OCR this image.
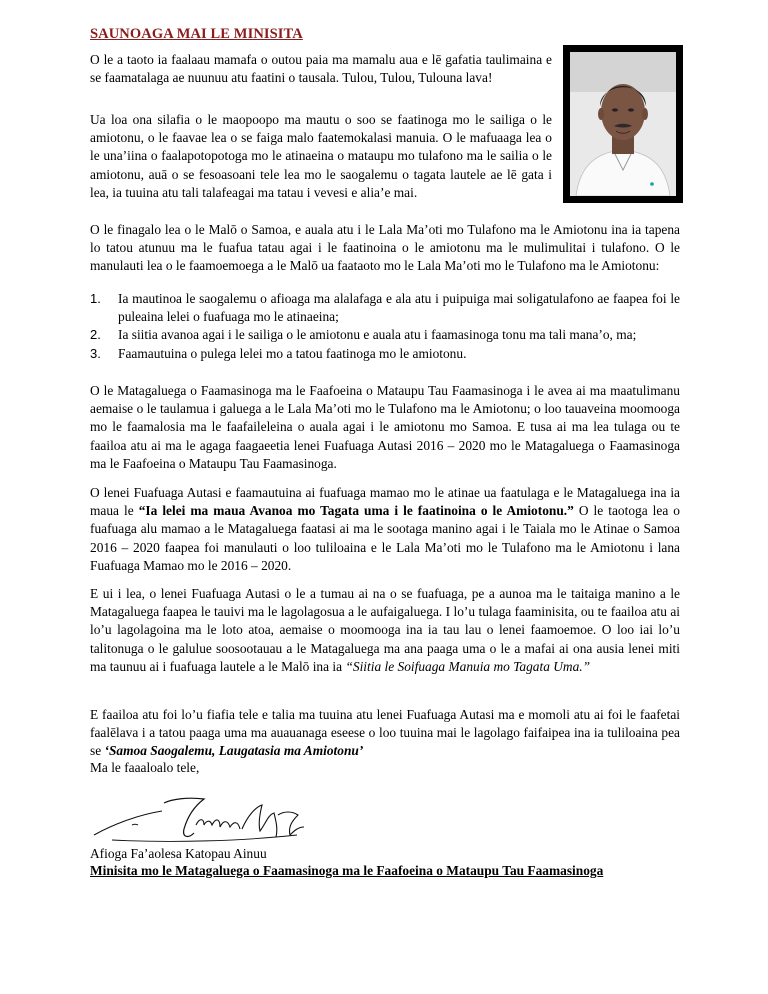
SAUNOAGA MAI LE MINISITA

O le a taoto ia faalaau mamafa o outou paia ma mamalu aua e lē gafatia taulimaina e se faamatalaga ae nuunuu atu faatini o tausala. Tulou, Tulou, Tulouna lava!

Ua loa ona silafia o le maopoopo ma mautu o soo se faatinoga mo le sailiga o le amiotonu, o le faavae lea o se faiga malo faatemokalasi manuia. O le mafuaaga lea o le una’iina o faalapotopotoga mo le atinaeina o mataupu mo tulafono ma le sailia o le amiotonu, auā o se fesoasoani tele lea mo le saogalemu o tagata lautele ae lē gata i lea, ia tuuina atu tali talafeagai ma tatau i vevesi e alia’e mai.

O le finagalo lea o le Malō o Samoa, e auala atu i le Lala Ma’oti mo Tulafono ma le Amiotonu ina ia tapena lo tatou atunuu ma le fuafua tatau agai i le faatinoina o le amiotonu ma le mulimulitai i tulafono. O le manulauti lea o le faamoemoega a le Malō ua faataoto mo le Lala Ma’oti mo le Tulafono ma le Amiotonu:

1.	Ia mautinoa le saogalemu o afioaga ma alalafaga e ala atu i puipuiga mai soligatulafono ae faapea foi le puleaina lelei o fuafuaga mo le atinaeina;
2.	Ia siitia avanoa agai i le sailiga o le amiotonu e auala atu i faamasinoga tonu ma tali mana’o, ma;
3.	Faamautuina o pulega lelei mo a tatou faatinoga mo le amiotonu.

O le Matagaluega o Faamasinoga ma le Faafoeina o Mataupu Tau Faamasinoga i le avea ai ma maatulimanu aemaise o le taulamua i galuega a le Lala Ma’oti mo le Tulafono ma le Amiotonu; o loo tauaveina moomooga mo le faamalosia ma le faafaileleina o auala agai i le amiotonu mo Samoa. E tusa ai ma lea tulaga ou te faailoa atu ai ma le agaga faagaeetia lenei Fuafuaga Autasi 2016 – 2020 mo le Matagaluega o Faamasinoga ma le Faafoeina o Mataupu Tau Faamasinoga.

O lenei Fuafuaga Autasi e faamautuina ai fuafuaga mamao mo le atinae ua faatulaga e le Matagaluega ina ia maua le “Ia lelei ma maua Avanoa mo Tagata uma i le faatinoina o le Amiotonu.” O le taotoga lea o fuafuaga alu mamao a le Matagaluega faatasi ai ma le sootaga manino agai i le Taiala mo le Atinae o Samoa 2016 – 2020 faapea foi manulauti o loo tuliloaina e le Lala Ma’oti mo le Tulafono ma le Amiotonu i lana Fuafuaga Mamao mo le 2016 – 2020.

E ui i lea, o lenei Fuafuaga Autasi o le a tumau ai na o se fuafuaga, pe a aunoa ma le taitaiga manino a le Matagaluega faapea le tauivi ma le lagolagosua a le aufaigaluega. I lo’u tulaga faaminisita, ou te faailoa atu ai lo’u lagolagoina ma le loto atoa, aemaise o moomooga ina ia tau lau o lenei faamoemoe. O loo iai lo’u talitonuga o le galulue soosootauau a le Matagaluega ma ana paaga uma o le a mafai ai ona ausia lenei miti ma taunuu ai i fuafuaga lautele a le Malō ina ia “Siitia le Soifuaga Manuia mo Tagata Uma.”

E faailoa atu foi lo’u fiafia tele e talia ma tuuina atu lenei Fuafuaga Autasi ma e momoli atu ai foi le faafetai faalēlava i a tatou paaga uma ma auauanaga eseese o loo tuuina mai le lagolago faifaipea ina ia tuliloaina pea se ‘Samoa Saogalemu, Laugatasia ma Amiotonu’

Ma le faaaloalo tele,

Afioga Fa’aolesa Katopau Ainuu

Minisita mo le Matagaluega o Faamasinoga ma le Faafoeina o Mataupu Tau Faamasinoga
